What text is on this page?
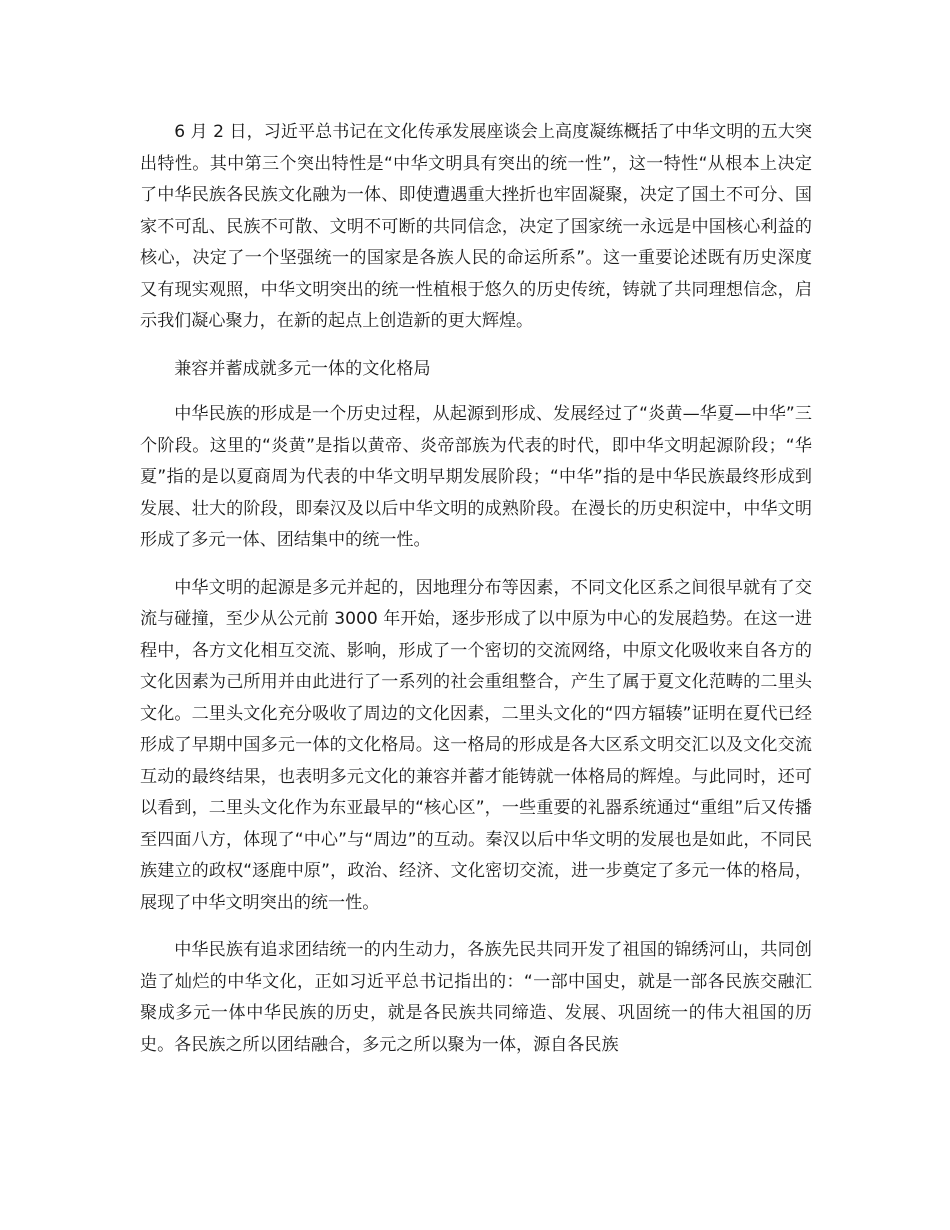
6 月 2 日，习近平总书记在文化传承发展座谈会上高度凝练概括了中华文明的五大突出特性。其中第三个突出特性是“中华文明具有突出的统一性”，这一特性“从根本上决定了中华民族各民族文化融为一体、即使遭遇重大挫折也牢固凝聚，决定了国土不可分、国家不可乱、民族不可散、文明不可断的共同信念，决定了国家统一永远是中国核心利益的核心，决定了一个坚强统一的国家是各族人民的命运所系”。这一重要论述既有历史深度又有现实观照，中华文明突出的统一性植根于悠久的历史传统，铸就了共同理想信念，启示我们凝心聚力，在新的起点上创造新的更大辉煌。

兼容并蓄成就多元一体的文化格局

中华民族的形成是一个历史过程，从起源到形成、发展经过了“炎黄—华夏—中华”三个阶段。这里的“炎黄”是指以黄帝、炎帝部族为代表的时代，即中华文明起源阶段；“华夏”指的是以夏商周为代表的中华文明早期发展阶段；“中华”指的是中华民族最终形成到发展、壮大的阶段，即秦汉及以后中华文明的成熟阶段。在漫长的历史积淀中，中华文明形成了多元一体、团结集中的统一性。

中华文明的起源是多元并起的，因地理分布等因素，不同文化区系之间很早就有了交流与碰撞，至少从公元前 3000 年开始，逐步形成了以中原为中心的发展趋势。在这一进程中，各方文化相互交流、影响，形成了一个密切的交流网络，中原文化吸收来自各方的文化因素为己所用并由此进行了一系列的社会重组整合，产生了属于夏文化范畴的二里头文化。二里头文化充分吸收了周边的文化因素，二里头文化的“四方辐辏”证明在夏代已经形成了早期中国多元一体的文化格局。这一格局的形成是各大区系文明交汇以及文化交流互动的最终结果，也表明多元文化的兼容并蓄才能铸就一体格局的辉煌。与此同时，还可以看到，二里头文化作为东亚最早的“核心区”，一些重要的礼器系统通过“重组”后又传播至四面八方，体现了“中心”与“周边”的互动。秦汉以后中华文明的发展也是如此，不同民族建立的政权“逐鹿中原”，政治、经济、文化密切交流，进一步奠定了多元一体的格局，展现了中华文明突出的统一性。

中华民族有追求团结统一的内生动力，各族先民共同开发了祖国的锦绣河山，共同创造了灿烂的中华文化，正如习近平总书记指出的：“一部中国史，就是一部各民族交融汇聚成多元一体中华民族的历史，就是各民族共同缔造、发展、巩固统一的伟大祖国的历史。各民族之所以团结融合，多元之所以聚为一体，源自各民族
